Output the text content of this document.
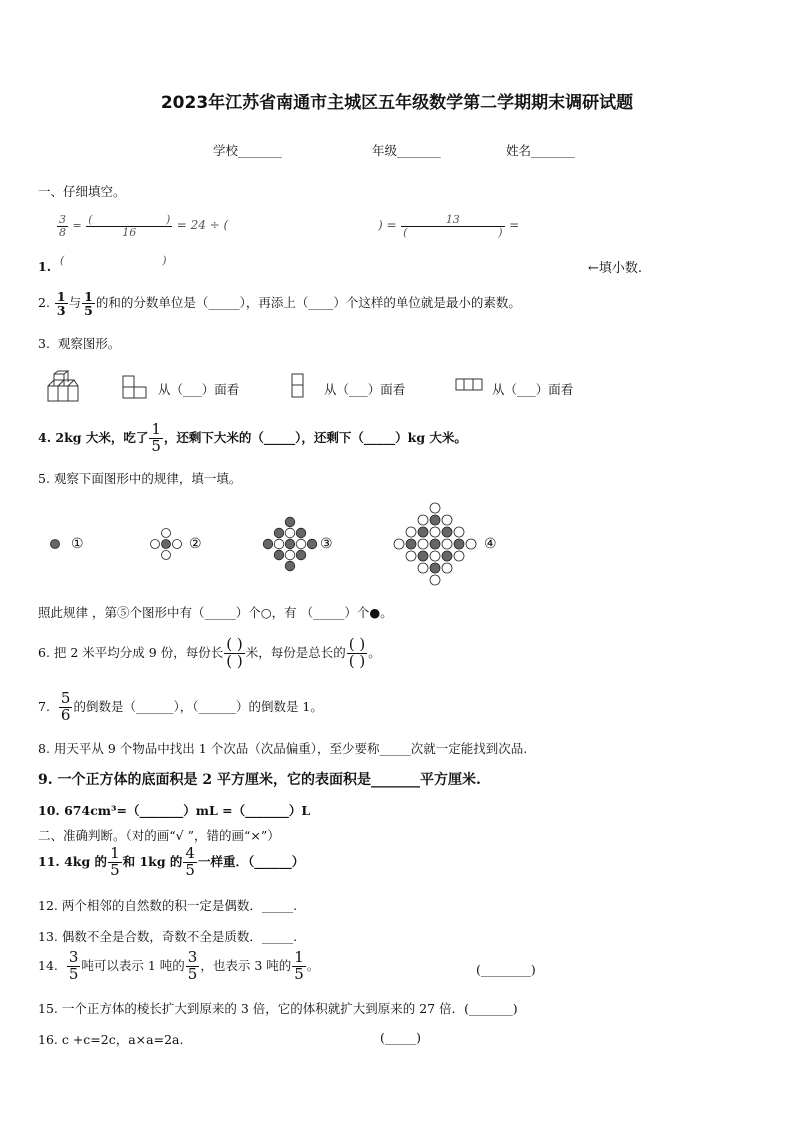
2023年江苏省南通市主城区五年级数学第二学期期末调研试题
学校_______	年级_______	姓名_______
一、仔细填空。
$\frac{3}{8} = \frac{( )}{16} = 24$ ÷ (	) = $\frac{13}{( )}$ =
1. (                            )
←填小数.
2. $\frac{1}{3}$ 与 $\frac{1}{5}$ 的和的分数单位是（_____），再添上（____）个这样的单位就是最小的素数。
3. 观察图形。
从（___）面看	从（___）面看	从（___）面看
4. 2kg 大米，吃了 $\frac{1}{5}$ ，还剩下大米的（_____），还剩下（_____）kg 大米。
5. 观察下面图形中的规律，填一填。
①	②	③	④
照此规律 ，第⑤个图形中有（_____）个○，有 （_____）个●。
6. 把 2 米平均分成 9 份，每份长 $\frac{( )}{( )}$ 米，每份是总长的 $\frac{( )}{( )}$ 。
7. $\frac{5}{6}$ 的倒数是（______），（______）的倒数是 1。
8. 用天平从 9 个物品中找出 1 个次品（次品偏重），至少要称_____次就一定能找到次品.
9. 一个正方体的底面积是 2 平方厘米，它的表面积是_______平方厘米.
10. 674cm³=（_______）mL =（_______）L
二、准确判断。（对的画“√ ”，错的画“×”）
11. 4kg 的 $\frac{1}{5}$ 和 1kg 的 $\frac{4}{5}$ 一样重．（______）
12. 两个相邻的自然数的积一定是偶数．_____.
13. 偶数不全是合数，奇数不全是质数．_____.
14. $\frac{3}{5}$ 吨可以表示 1 吨的 $\frac{3}{5}$ ，也表示 3 吨的 $\frac{1}{5}$ 。	(________)
15. 一个正方体的棱长扩大到原来的 3 倍，它的体积就扩大到原来的 27 倍．(_______)
16. c +c=2c，a×a=2a.	(_____)
